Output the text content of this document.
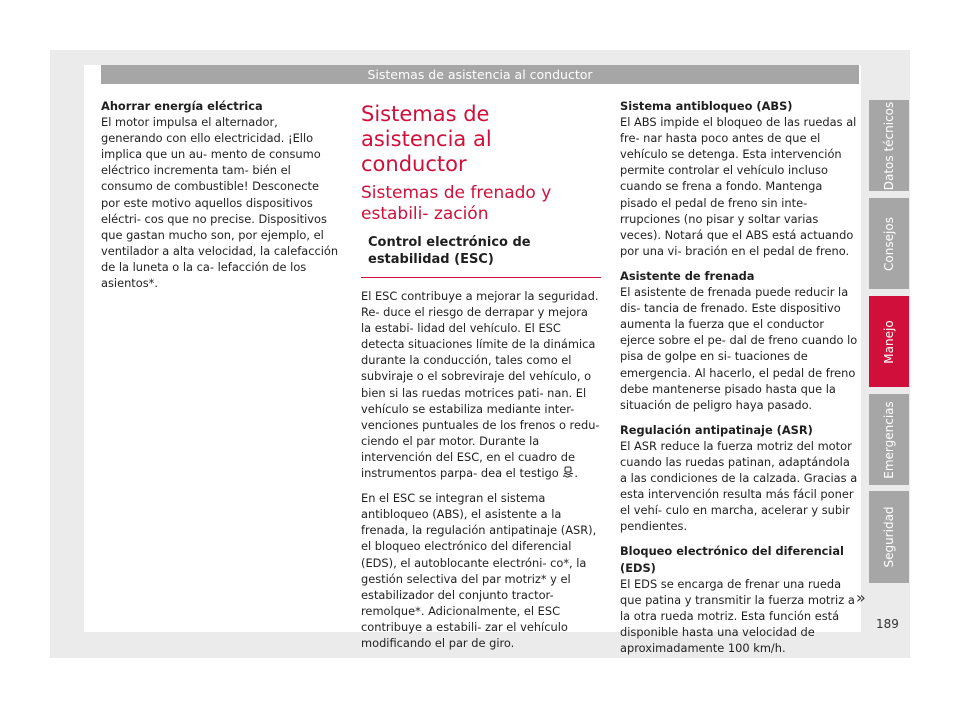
Sistemas de asistencia al conductor

Ahorrar energía eléctrica
El motor impulsa el alternador, generando con ello electricidad. ¡Ello implica que un au- mento de consumo eléctrico incrementa tam- bién el consumo de combustible! Desconecte por este motivo aquellos dispositivos eléctri- cos que no precise. Dispositivos que gastan mucho son, por ejemplo, el ventilador a alta velocidad, la calefacción de la luneta o la ca- lefacción de los asientos*.

Sistemas de asistencia al conductor
Sistemas de frenado y estabili- zación
Control electrónico de estabilidad (ESC)

El ESC contribuye a mejorar la seguridad. Re- duce el riesgo de derrapar y mejora la estabi- lidad del vehículo. El ESC detecta situaciones límite de la dinámica durante la conducción, tales como el subviraje o el sobreviraje del vehículo, o bien si las ruedas motrices pati- nan. El vehículo se estabiliza mediante inter- venciones puntuales de los frenos o redu- ciendo el par motor. Durante la intervención del ESC, en el cuadro de instrumentos parpa- dea el testigo .

En el ESC se integran el sistema antibloqueo (ABS), el asistente a la frenada, la regulación antipatinaje (ASR), el bloqueo electrónico del diferencial (EDS), el autoblocante electróni- co*, la gestión selectiva del par motriz* y el estabilizador del conjunto tractor-remolque*. Adicionalmente, el ESC contribuye a estabili- zar el vehículo modificando el par de giro.

Sistema antibloqueo (ABS)
El ABS impide el bloqueo de las ruedas al fre- nar hasta poco antes de que el vehículo se detenga. Esta intervención permite controlar el vehículo incluso cuando se frena a fondo. Mantenga pisado el pedal de freno sin inte- rrupciones (no pisar y soltar varias veces). Notará que el ABS está actuando por una vi- bración en el pedal de freno.

Asistente de frenada
El asistente de frenada puede reducir la dis- tancia de frenado. Este dispositivo aumenta la fuerza que el conductor ejerce sobre el pe- dal de freno cuando lo pisa de golpe en si- tuaciones de emergencia. Al hacerlo, el pedal de freno debe mantenerse pisado hasta que la situación de peligro haya pasado.

Regulación antipatinaje (ASR)
El ASR reduce la fuerza motriz del motor cuando las ruedas patinan, adaptándola a las condiciones de la calzada. Gracias a esta intervención resulta más fácil poner el vehí- culo en marcha, acelerar y subir pendientes.

Bloqueo electrónico del diferencial (EDS)
El EDS se encarga de frenar una rueda que patina y transmitir la fuerza motriz a la otra rueda motriz. Esta función está disponible hasta una velocidad de aproximadamente 100 km/h.

Datos técnicos
Consejos
Manejo
Emergencias
Seguridad
»
189
